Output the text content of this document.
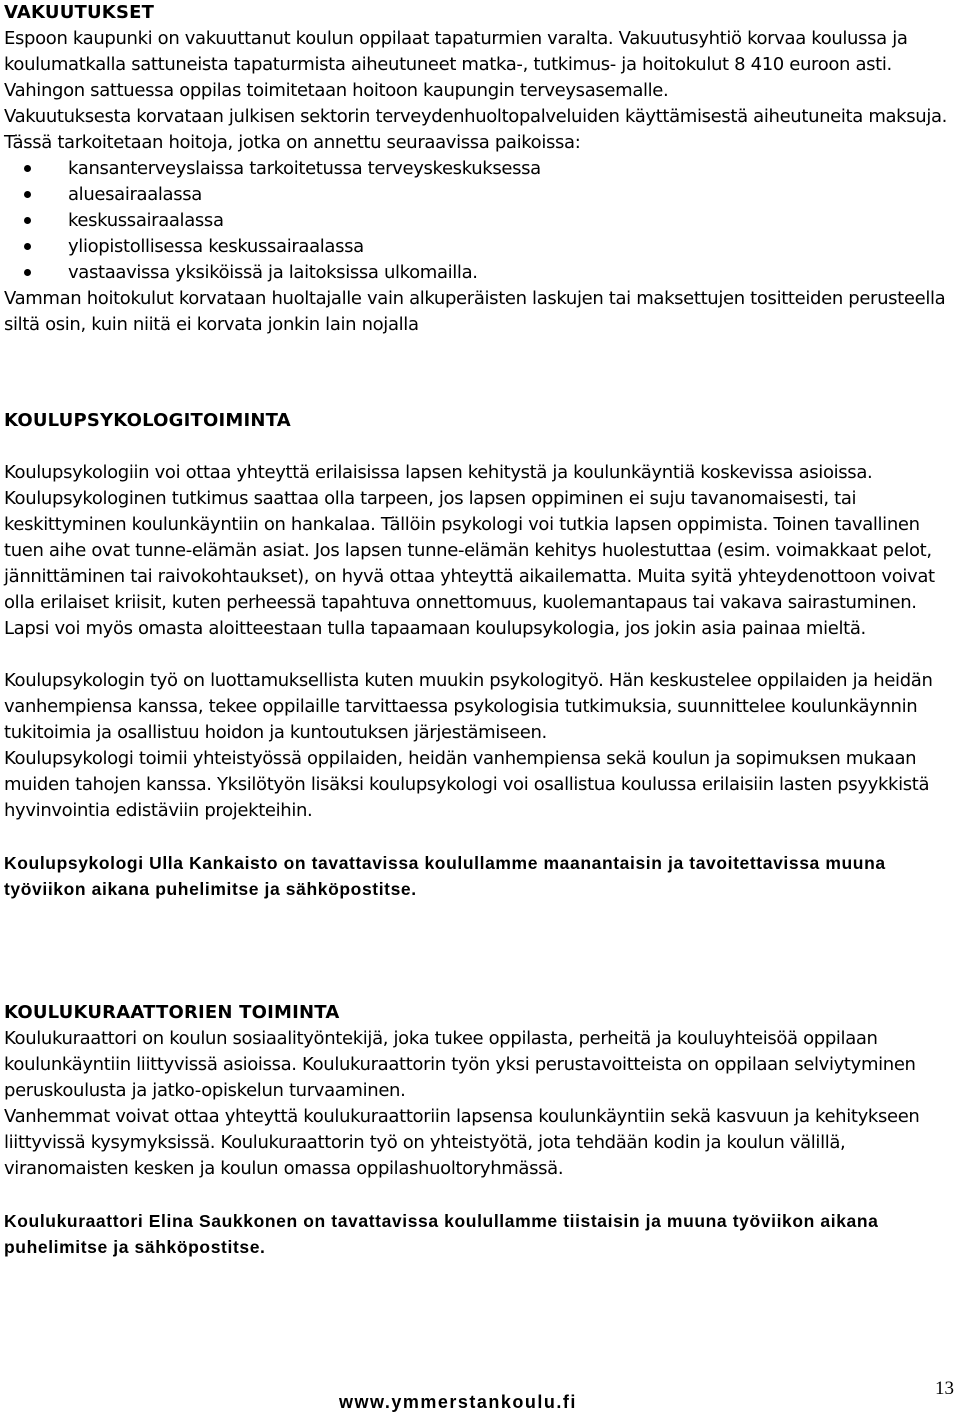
VAKUUTUKSET

Espoon kaupunki on vakuuttanut koulun oppilaat tapaturmien varalta. Vakuutusyhtiö korvaa koulussa ja koulumatkalla sattuneista tapaturmista aiheutuneet matka-, tutkimus- ja hoitokulut 8 410 euroon asti.

Vahingon sattuessa oppilas toimitetaan hoitoon kaupungin terveysasemalle.

Vakuutuksesta korvataan julkisen sektorin terveydenhuoltopalveluiden käyttämisestä aiheutuneita maksuja. Tässä tarkoitetaan hoitoja, jotka on annettu seuraavissa paikoissa:

kansanterveyslaissa tarkoitetussa terveyskeskuksessa
aluesairaalassa
keskussairaalassa
yliopistollisessa keskussairaalassa
vastaavissa yksiköissä ja laitoksissa ulkomailla.

Vamman hoitokulut korvataan huoltajalle vain alkuperäisten laskujen tai maksettujen tositteiden perusteella siltä osin, kuin niitä ei korvata jonkin lain nojalla

KOULUPSYKOLOGITOIMINTA

Koulupsykologiin voi ottaa yhteyttä erilaisissa lapsen kehitystä ja koulunkäyntiä koskevissa asioissa. Koulupsykologinen tutkimus saattaa olla tarpeen, jos lapsen oppiminen ei suju tavanomaisesti, tai keskittyminen koulunkäyntiin on hankalaa. Tällöin psykologi voi tutkia lapsen oppimista. Toinen tavallinen tuen aihe ovat tunne-elämän asiat. Jos lapsen tunne-elämän kehitys huolestuttaa (esim. voimakkaat pelot, jännittäminen tai raivokohtaukset), on hyvä ottaa yhteyttä aikailematta. Muita syitä yhteydenottoon voivat olla erilaiset kriisit, kuten perheessä tapahtuva onnettomuus, kuolemantapaus tai vakava sairastuminen. Lapsi voi myös omasta aloitteestaan tulla tapaamaan koulupsykologia, jos jokin asia painaa mieltä.

Koulupsykologin työ on luottamuksellista kuten muukin psykologityö. Hän keskustelee oppilaiden ja heidän vanhempiensa kanssa, tekee oppilaille tarvittaessa psykologisia tutkimuksia, suunnittelee koulunkäynnin tukitoimia ja osallistuu hoidon ja kuntoutuksen järjestämiseen.

Koulupsykologi toimii yhteistyössä oppilaiden, heidän vanhempiensa sekä koulun ja sopimuksen mukaan muiden tahojen kanssa. Yksilötyön lisäksi koulupsykologi voi osallistua koulussa erilaisiin lasten psyykkistä hyvinvointia edistäviin projekteihin.

Koulupsykologi Ulla Kankaisto on tavattavissa koulullamme maanantaisin ja tavoitettavissa muuna työviikon aikana puhelimitse ja sähköpostitse.

KOULUKURAATTORIEN TOIMINTA

Koulukuraattori on koulun sosiaalityöntekijä, joka tukee oppilasta, perheitä ja kouluyhteisöä oppilaan koulunkäyntiin liittyvissä asioissa. Koulukuraattorin työn yksi perustavoitteista on oppilaan selviytyminen peruskoulusta ja jatko-opiskelun turvaaminen.

Vanhemmat voivat ottaa yhteyttä koulukuraattoriin lapsensa koulunkäyntiin sekä kasvuun ja kehitykseen liittyvissä kysymyksissä. Koulukuraattorin työ on yhteistyötä, jota tehdään kodin ja koulun välillä, viranomaisten kesken ja koulun omassa oppilashuoltoryhmässä.

Koulukuraattori Elina Saukkonen on tavattavissa koulullamme tiistaisin ja muuna työviikon aikana puhelimitse ja sähköpostitse.

www.ymmerstankoulu.fi
13
